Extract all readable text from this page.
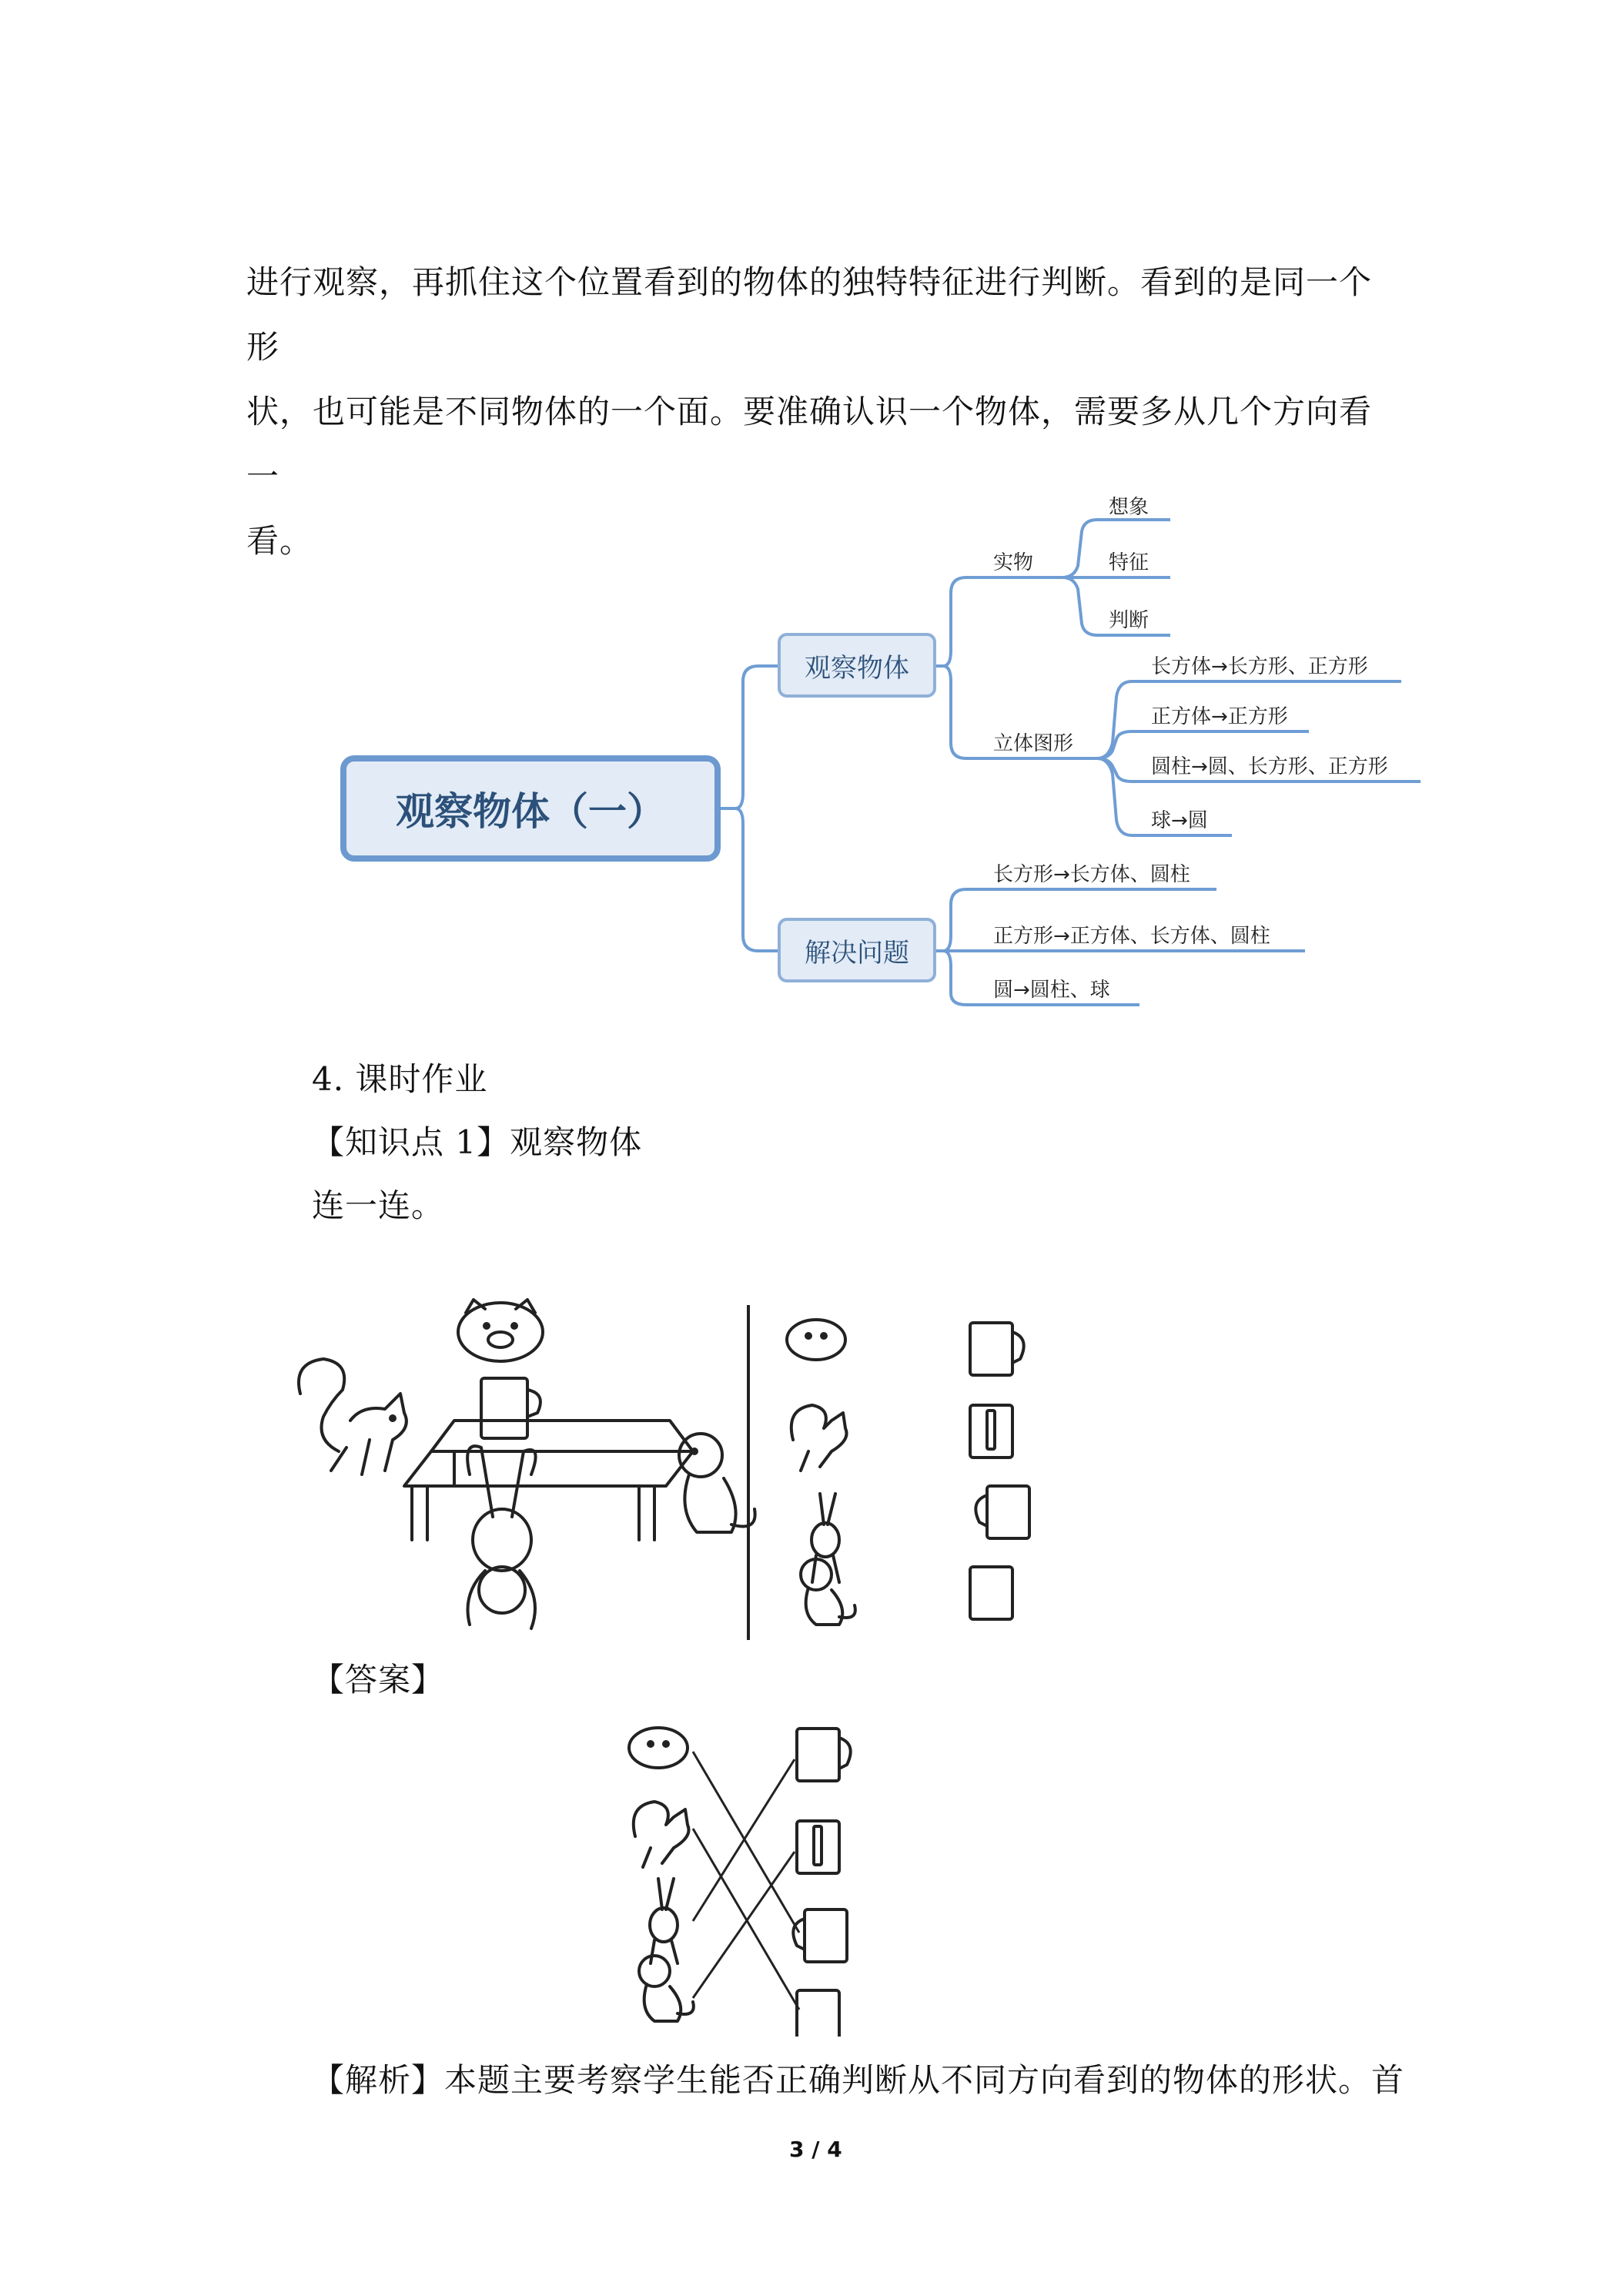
进行观察，再抓住这个位置看到的物体的独特特征进行判断。看到的是同一个形
状，也可能是不同物体的一个面。要准确认识一个物体，需要多从几个方向看一
看。
观察物体（一）
观察物体
解决问题
实物
立体图形
想象
特征
判断
长方体→长方形、正方形
正方体→正方形
圆柱→圆、长方形、正方形
球→圆
长方形→长方体、圆柱
正方形→正方体、长方体、圆柱
圆→圆柱、球
4. 课时作业
【知识点 1】观察物体
连一连。
【答案】
【解析】本题主要考察学生能否正确判断从不同方向看到的物体的形状。首
3 / 4
